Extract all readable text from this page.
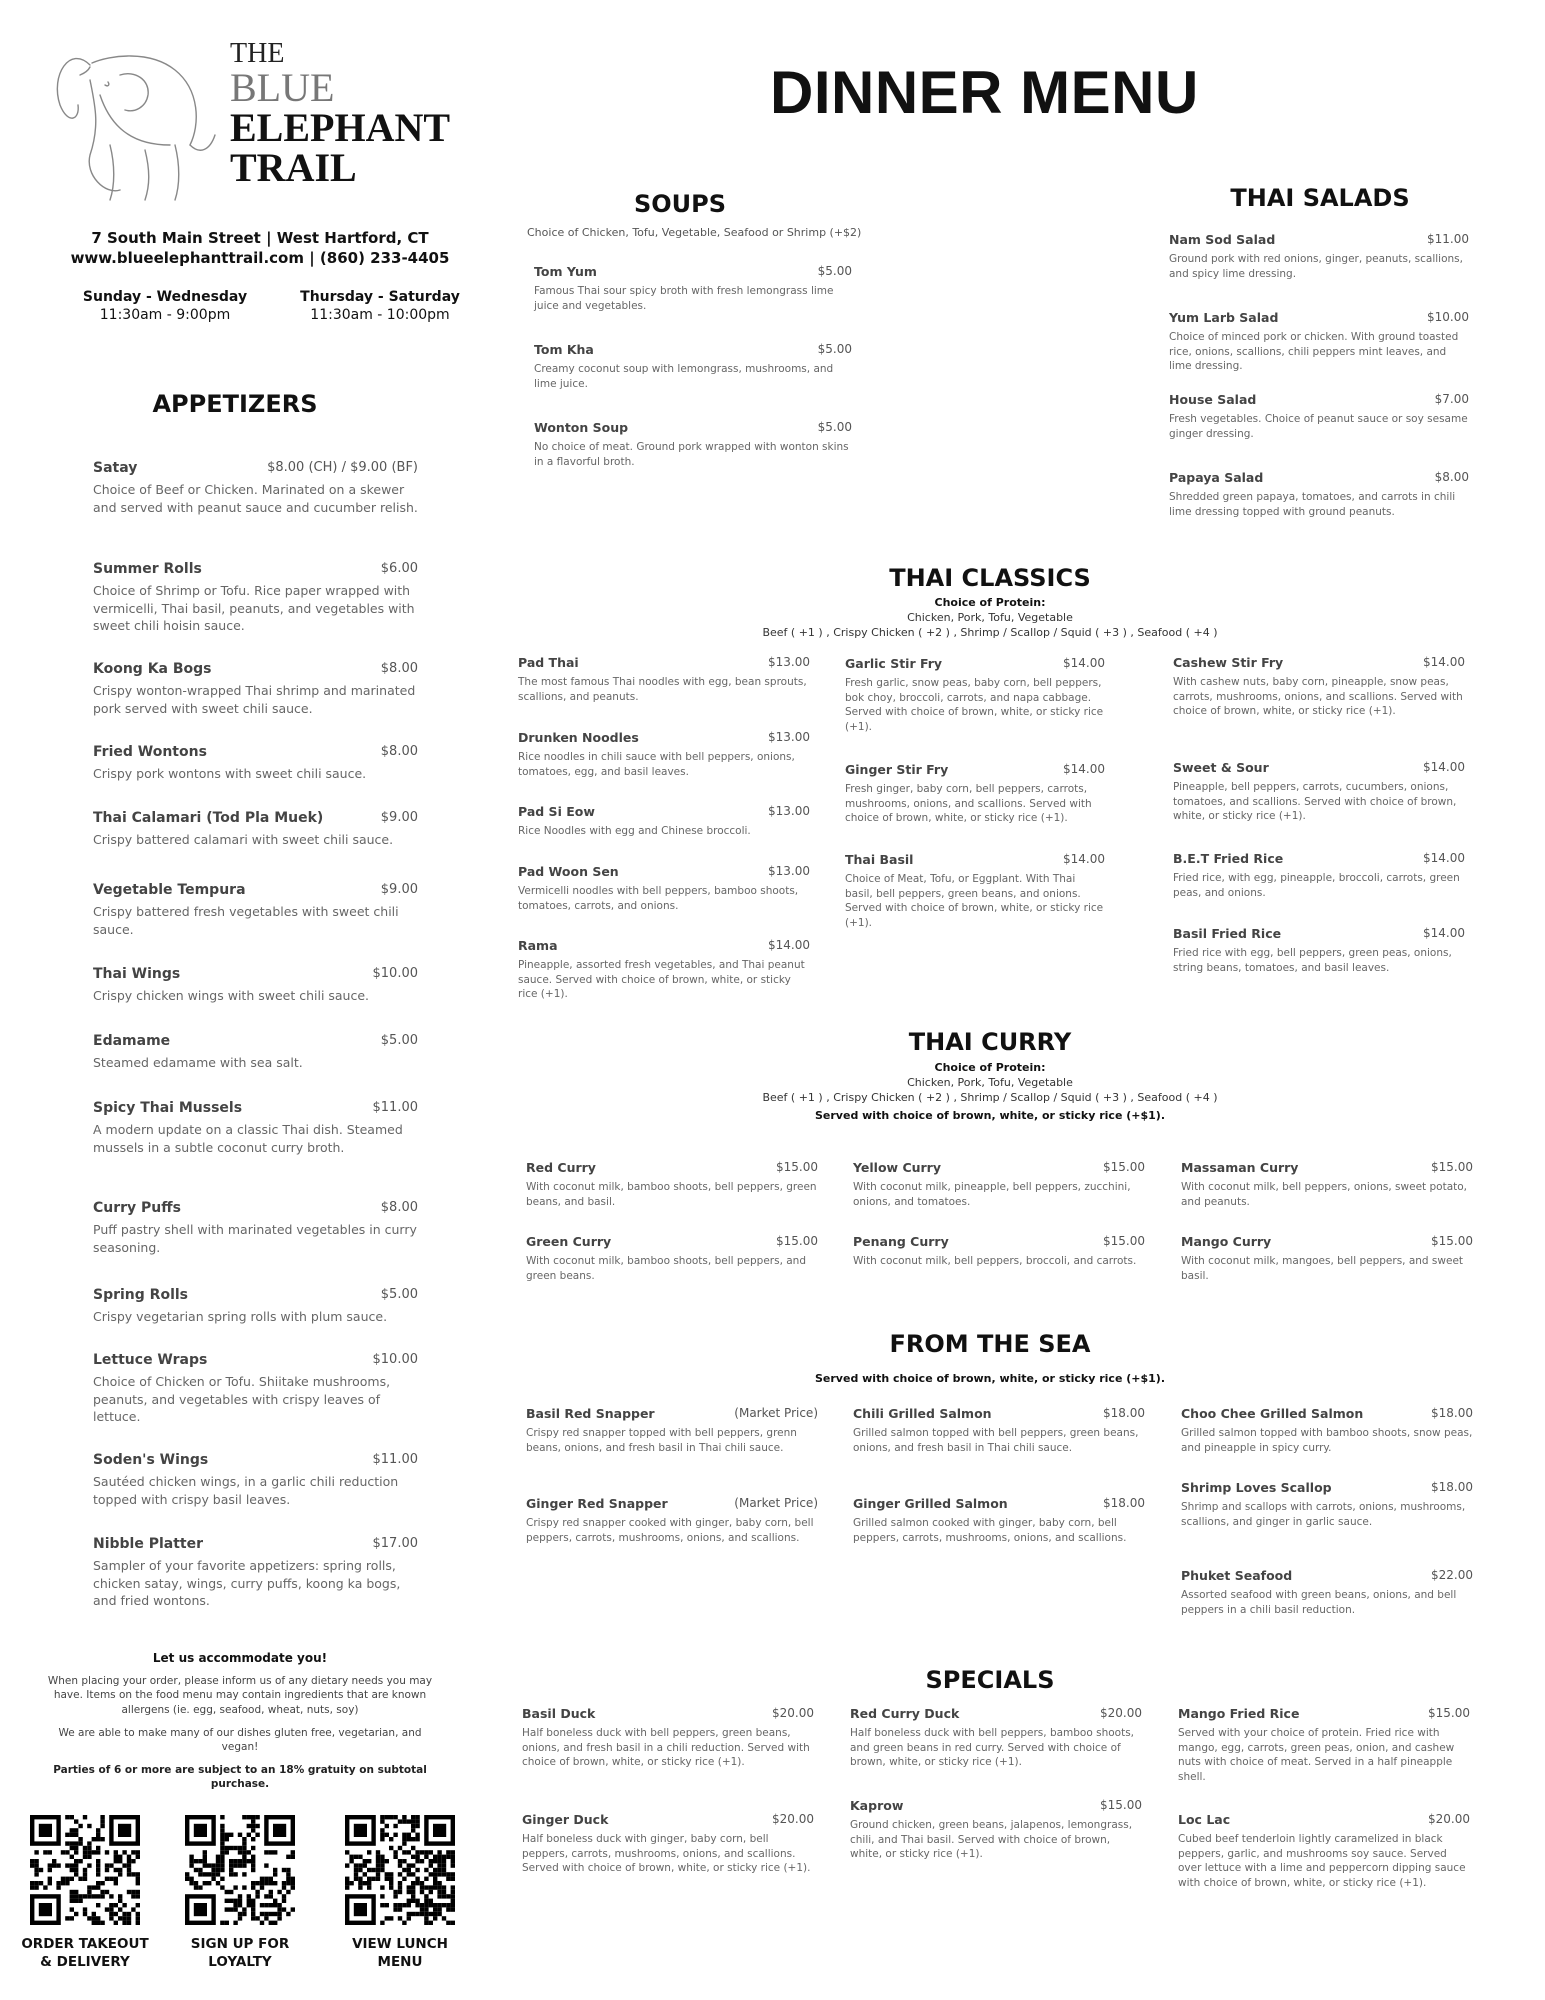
THE
BLUE
ELEPHANT
TRAIL
7 South Main Street | West Hartford, CT
www.blueelephanttrail.com | (860) 233-4405
Sunday - Wednesday
11:30am - 9:00pm
Thursday - Saturday
11:30am - 10:00pm
DINNER MENU
APPETIZERS
Satay	$8.00 (CH) / $9.00 (BF)
Choice of Beef or Chicken. Marinated on a skewer and served with peanut sauce and cucumber relish.
Summer Rolls	$6.00
Choice of Shrimp or Tofu. Rice paper wrapped with vermicelli, Thai basil, peanuts, and vegetables with sweet chili hoisin sauce.
Koong Ka Bogs	$8.00
Crispy wonton-wrapped Thai shrimp and marinated pork served with sweet chili sauce.
Fried Wontons	$8.00
Crispy pork wontons with sweet chili sauce.
Thai Calamari (Tod Pla Muek)	$9.00
Crispy battered calamari with sweet chili sauce.
Vegetable Tempura	$9.00
Crispy battered fresh vegetables with sweet chili sauce.
Thai Wings	$10.00
Crispy chicken wings with sweet chili sauce.
Edamame	$5.00
Steamed edamame with sea salt.
Spicy Thai Mussels	$11.00
A modern update on a classic Thai dish. Steamed mussels in a subtle coconut curry broth.
Curry Puffs	$8.00
Puff pastry shell with marinated vegetables in curry seasoning.
Spring Rolls	$5.00
Crispy vegetarian spring rolls with plum sauce.
Lettuce Wraps	$10.00
Choice of Chicken or Tofu. Shiitake mushrooms, peanuts, and vegetables with crispy leaves of lettuce.
Soden's Wings	$11.00
Sautéed chicken wings, in a garlic chili reduction topped with crispy basil leaves.
Nibble Platter	$17.00
Sampler of your favorite appetizers: spring rolls, chicken satay, wings, curry puffs, koong ka bogs, and fried wontons.
Let us accommodate you!

When placing your order, please inform us of any dietary needs you may have. Items on the food menu may contain ingredients that are known allergens (ie. egg, seafood, wheat, nuts, soy)

We are able to make many of our dishes gluten free, vegetarian, and vegan!

Parties of 6 or more are subject to an 18% gratuity on subtotal purchase.

ORDER TAKEOUT
& DELIVERY
SIGN UP FOR
LOYALTY
VIEW LUNCH
MENU
SOUPS
Choice of Chicken, Tofu, Vegetable, Seafood or Shrimp (+$2)
Tom Yum	$5.00
Famous Thai sour spicy broth with fresh lemongrass lime juice and vegetables.
Tom Kha	$5.00
Creamy coconut soup with lemongrass, mushrooms, and lime juice.
Wonton Soup	$5.00
No choice of meat. Ground pork wrapped with wonton skins in a flavorful broth.
THAI SALADS
Nam Sod Salad	$11.00
Ground pork with red onions, ginger, peanuts, scallions, and spicy lime dressing.
Yum Larb Salad	$10.00
Choice of minced pork or chicken. With ground toasted rice, onions, scallions, chili peppers mint leaves, and lime dressing.
House Salad	$7.00
Fresh vegetables. Choice of peanut sauce or soy sesame ginger dressing.
Papaya Salad	$8.00
Shredded green papaya, tomatoes, and carrots in chili lime dressing topped with ground peanuts.
THAI CLASSICS
Choice of Protein:
Chicken, Pork, Tofu, Vegetable
Beef ( +1 ) , Crispy Chicken ( +2 ) , Shrimp / Scallop / Squid ( +3 ) , Seafood ( +4 )
Pad Thai	$13.00
The most famous Thai noodles with egg, bean sprouts, scallions, and peanuts.
Drunken Noodles	$13.00
Rice noodles in chili sauce with bell peppers, onions, tomatoes, egg, and basil leaves.
Pad Si Eow	$13.00
Rice Noodles with egg and Chinese broccoli.
Pad Woon Sen	$13.00
Vermicelli noodles with bell peppers, bamboo shoots, tomatoes, carrots, and onions.
Rama	$14.00
Pineapple, assorted fresh vegetables, and Thai peanut sauce. Served with choice of brown, white, or sticky rice (+1).
Garlic Stir Fry	$14.00
Fresh garlic, snow peas, baby corn, bell peppers, bok choy, broccoli, carrots, and napa cabbage. Served with choice of brown, white, or sticky rice (+1).
Ginger Stir Fry	$14.00
Fresh ginger, baby corn, bell peppers, carrots, mushrooms, onions, and scallions. Served with choice of brown, white, or sticky rice (+1).
Thai Basil	$14.00
Choice of Meat, Tofu, or Eggplant. With Thai basil, bell peppers, green beans, and onions. Served with choice of brown, white, or sticky rice (+1).
Cashew Stir Fry	$14.00
With cashew nuts, baby corn, pineapple, snow peas, carrots, mushrooms, onions, and scallions. Served with choice of brown, white, or sticky rice (+1).
Sweet & Sour	$14.00
Pineapple, bell peppers, carrots, cucumbers, onions, tomatoes, and scallions. Served with choice of brown, white, or sticky rice (+1).
B.E.T Fried Rice	$14.00
Fried rice, with egg, pineapple, broccoli, carrots, green peas, and onions.
Basil Fried Rice	$14.00
Fried rice with egg, bell peppers, green peas, onions, string beans, tomatoes, and basil leaves.
THAI CURRY
Choice of Protein:
Chicken, Pork, Tofu, Vegetable
Beef ( +1 ) , Crispy Chicken ( +2 ) , Shrimp / Scallop / Squid ( +3 ) , Seafood ( +4 )
Served with choice of brown, white, or sticky rice (+$1).
Red Curry	$15.00
With coconut milk, bamboo shoots, bell peppers, green beans, and basil.
Green Curry	$15.00
With coconut milk, bamboo shoots, bell peppers, and green beans.
Yellow Curry	$15.00
With coconut milk, pineapple, bell peppers, zucchini, onions, and tomatoes.
Penang Curry	$15.00
With coconut milk, bell peppers, broccoli, and carrots.
Massaman Curry	$15.00
With coconut milk, bell peppers, onions, sweet potato, and peanuts.
Mango Curry	$15.00
With coconut milk, mangoes, bell peppers, and sweet basil.
FROM THE SEA
Served with choice of brown, white, or sticky rice (+$1).
Basil Red Snapper	(Market Price)
Crispy red snapper topped with bell peppers, grenn beans, onions, and fresh basil in Thai chili sauce.
Ginger Red Snapper	(Market Price)
Crispy red snapper cooked with ginger, baby corn, bell peppers, carrots, mushrooms, onions, and scallions.
Chili Grilled Salmon	$18.00
Grilled salmon topped with bell peppers, green beans, onions, and fresh basil in Thai chili sauce.
Ginger Grilled Salmon	$18.00
Grilled salmon cooked with ginger, baby corn, bell peppers, carrots, mushrooms, onions, and scallions.
Choo Chee Grilled Salmon	$18.00
Grilled salmon topped with bamboo shoots, snow peas, and pineapple in spicy curry.
Shrimp Loves Scallop	$18.00
Shrimp and scallops with carrots, onions, mushrooms, scallions, and ginger in garlic sauce.
Phuket Seafood	$22.00
Assorted seafood with green beans, onions, and bell peppers in a chili basil reduction.
SPECIALS
Basil Duck	$20.00
Half boneless duck with bell peppers, green beans, onions, and fresh basil in a chili reduction. Served with choice of brown, white, or sticky rice (+1).
Ginger Duck	$20.00
Half boneless duck with ginger, baby corn, bell peppers, carrots, mushrooms, onions, and scallions. Served with choice of brown, white, or sticky rice (+1).
Red Curry Duck	$20.00
Half boneless duck with bell peppers, bamboo shoots, and green beans in red curry. Served with choice of brown, white, or sticky rice (+1).
Kaprow	$15.00
Ground chicken, green beans, jalapenos, lemongrass, chili, and Thai basil. Served with choice of brown, white, or sticky rice (+1).
Mango Fried Rice	$15.00
Served with your choice of protein. Fried rice with mango, egg, carrots, green peas, onion, and cashew nuts with choice of meat. Served in a half pineapple shell.
Loc Lac	$20.00
Cubed beef tenderloin lightly caramelized in black peppers, garlic, and mushrooms soy sauce. Served over lettuce with a lime and peppercorn dipping sauce with choice of brown, white, or sticky rice (+1).
